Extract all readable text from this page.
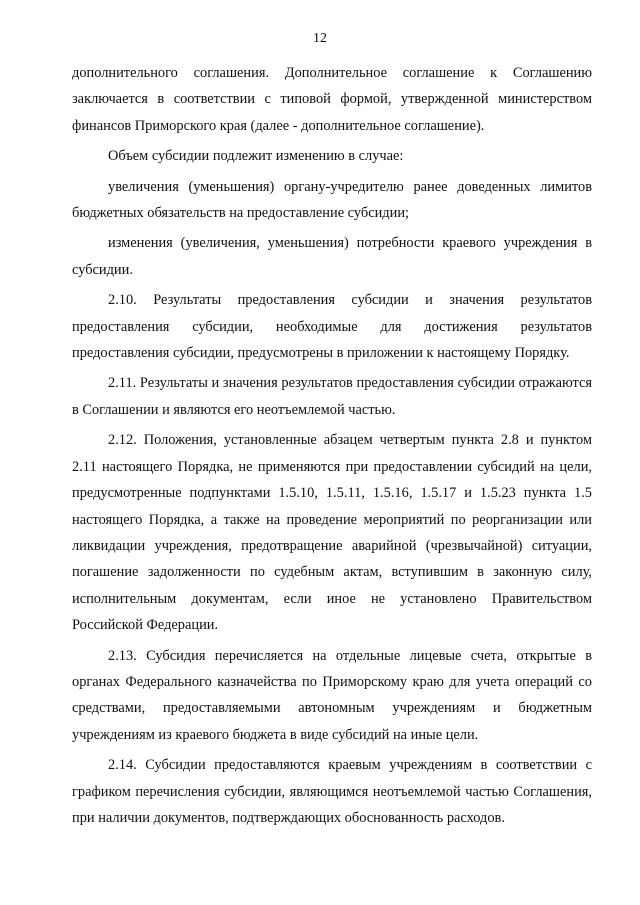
12

дополнительного соглашения. Дополнительное соглашение к Соглашению заключается в соответствии с типовой формой, утвержденной министерством финансов Приморского края (далее - дополнительное соглашение).

Объем субсидии подлежит изменению в случае:

увеличения (уменьшения) органу-учредителю ранее доведенных лимитов бюджетных обязательств на предоставление субсидии;

изменения (увеличения, уменьшения) потребности краевого учреждения в субсидии.

2.10. Результаты предоставления субсидии и значения результатов предоставления субсидии, необходимые для достижения результатов предоставления субсидии, предусмотрены в приложении к настоящему Порядку.

2.11. Результаты и значения результатов предоставления субсидии отражаются в Соглашении и являются его неотъемлемой частью.

2.12. Положения, установленные абзацем четвертым пункта 2.8 и пунктом 2.11 настоящего Порядка, не применяются при предоставлении субсидий на цели, предусмотренные подпунктами 1.5.10, 1.5.11, 1.5.16, 1.5.17 и 1.5.23 пункта 1.5 настоящего Порядка, а также на проведение мероприятий по реорганизации или ликвидации учреждения, предотвращение аварийной (чрезвычайной) ситуации, погашение задолженности по судебным актам, вступившим в законную силу, исполнительным документам, если иное не установлено Правительством Российской Федерации.

2.13. Субсидия перечисляется на отдельные лицевые счета, открытые в органах Федерального казначейства по Приморскому краю для учета операций со средствами, предоставляемыми автономным учреждениям и бюджетным учреждениям из краевого бюджета в виде субсидий на иные цели.

2.14. Субсидии предоставляются краевым учреждениям в соответствии с графиком перечисления субсидии, являющимся неотъемлемой частью Соглашения, при наличии документов, подтверждающих обоснованность расходов.
